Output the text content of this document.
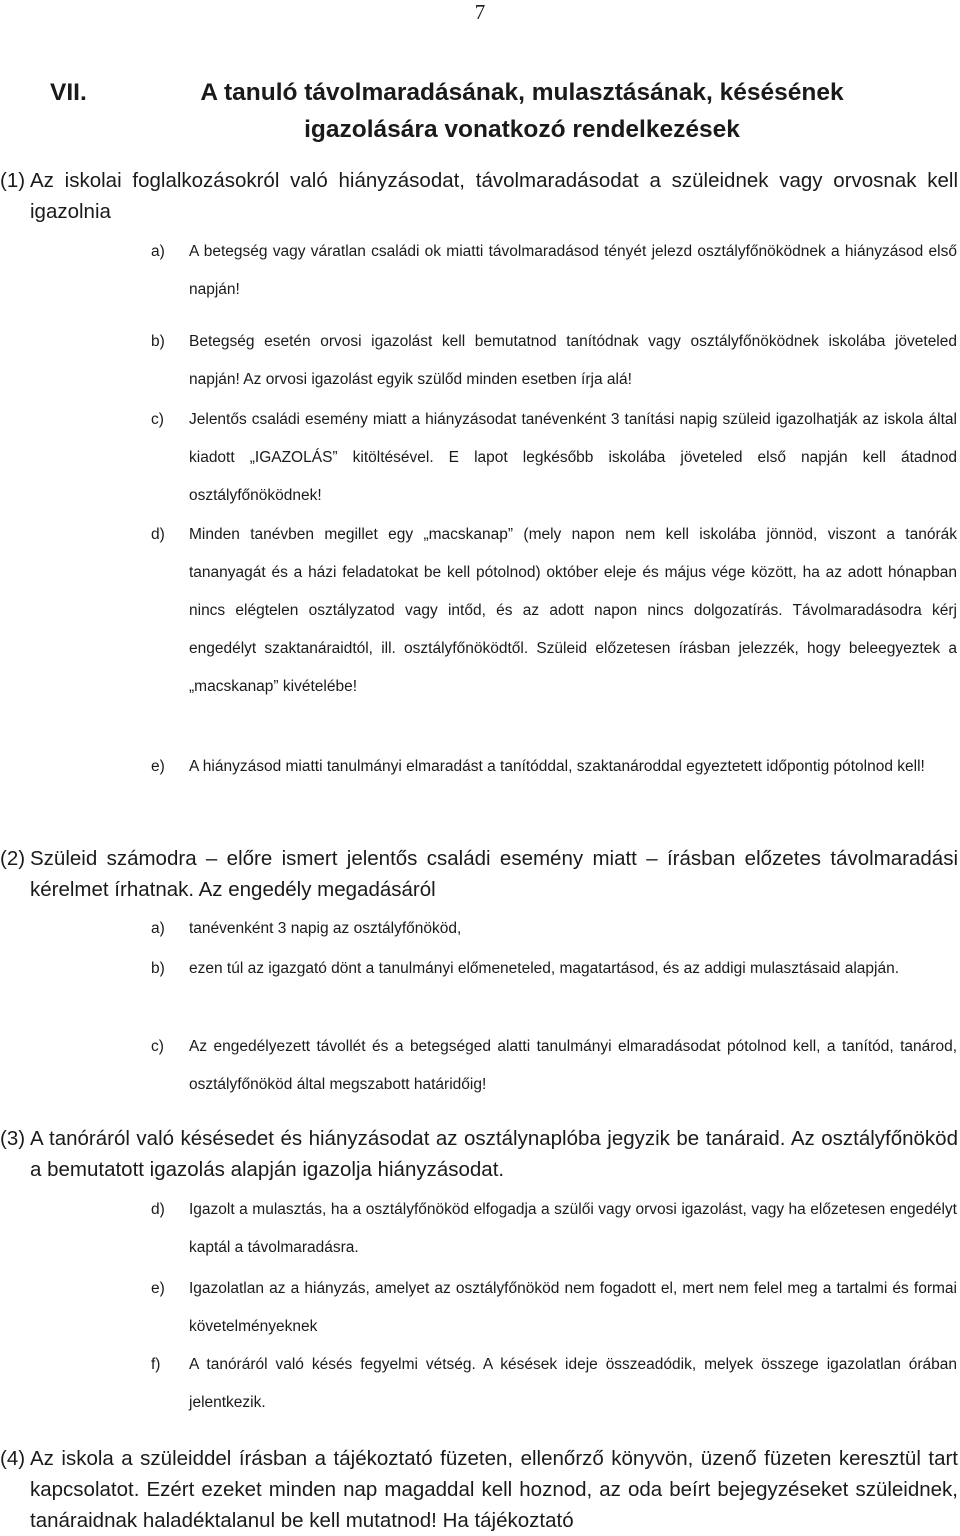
7
VII.	A tanuló távolmaradásának, mulasztásának, késésének igazolására vonatkozó rendelkezések
(1) Az iskolai foglalkozásokról való hiányzásodat, távolmaradásodat a szüleidnek vagy orvosnak kell igazolnia
a) A betegség vagy váratlan családi ok miatti távolmaradásod tényét jelezd osztályfőnöködnek a hiányzásod első napján!
b) Betegség esetén orvosi igazolást kell bemutatnod tanítódnak vagy osztályfőnöködnek iskolába jöveteled napján! Az orvosi igazolást egyik szülőd minden esetben írja alá!
c) Jelentős családi esemény miatt a hiányzásodat tanévenként 3 tanítási napig szüleid igazolhatják az iskola által kiadott „IGAZOLÁS” kitöltésével. E lapot legkésőbb iskolába jöveteled első napján kell átadnod osztályfőnöködnek!
d) Minden tanévben megillet egy „macskanap” (mely napon nem kell iskolába jönnöd, viszont a tanórák tananyagát és a házi feladatokat be kell pótolnod) október eleje és május vége között, ha az adott hónapban nincs elégtelen osztályzatod vagy intőd, és az adott napon nincs dolgozatírás. Távolmaradásodra kérj engedélyt szaktanáraidtól, ill. osztályfőnöködtől. Szüleid előzetesen írásban jelezzék, hogy beleegyeztek a „macskanap” kivételébe!
e) A hiányzásod miatti tanulmányi elmaradást a tanítóddal, szaktanároddal egyeztetett időpontig pótolnod kell!
(2) Szüleid számodra – előre ismert jelentős családi esemény miatt – írásban előzetes távolmaradási kérelmet írhatnak. Az engedély megadásáról
a) tanévenként 3 napig az osztályfőnököd,
b) ezen túl az igazgató dönt a tanulmányi előmeneteled, magatartásod, és az addigi mulasztásaid alapján.
c) Az engedélyezett távollét és a betegséged alatti tanulmányi elmaradásodat pótolnod kell, a tanítód, tanárod, osztályfőnököd által megszabott határidőig!
(3) A tanóráról való késésedet és hiányzásodat az osztálynaplóba jegyzik be tanáraid. Az osztályfőnököd a bemutatott igazolás alapján igazolja hiányzásodat.
d) Igazolt a mulasztás, ha a osztályfőnököd elfogadja a szülői vagy orvosi igazolást, vagy ha előzetesen engedélyt kaptál a távolmaradásra.
e) Igazolatlan az a hiányzás, amelyet az osztályfőnököd nem fogadott el, mert nem felel meg a tartalmi és formai követelményeknek
f) A tanóráról való késés fegyelmi vétség. A késések ideje összeadódik, melyek összege igazolatlan órában jelentkezik.
(4) Az iskola a szüleiddel írásban a tájékoztató füzeten, ellenőrző könyvön, üzenő füzeten keresztül tart kapcsolatot. Ezért ezeket minden nap magaddal kell hoznod, az oda beírt bejegyzéseket szüleidnek, tanáraidnak haladéktalanul be kell mutatnod! Ha tájékoztató
